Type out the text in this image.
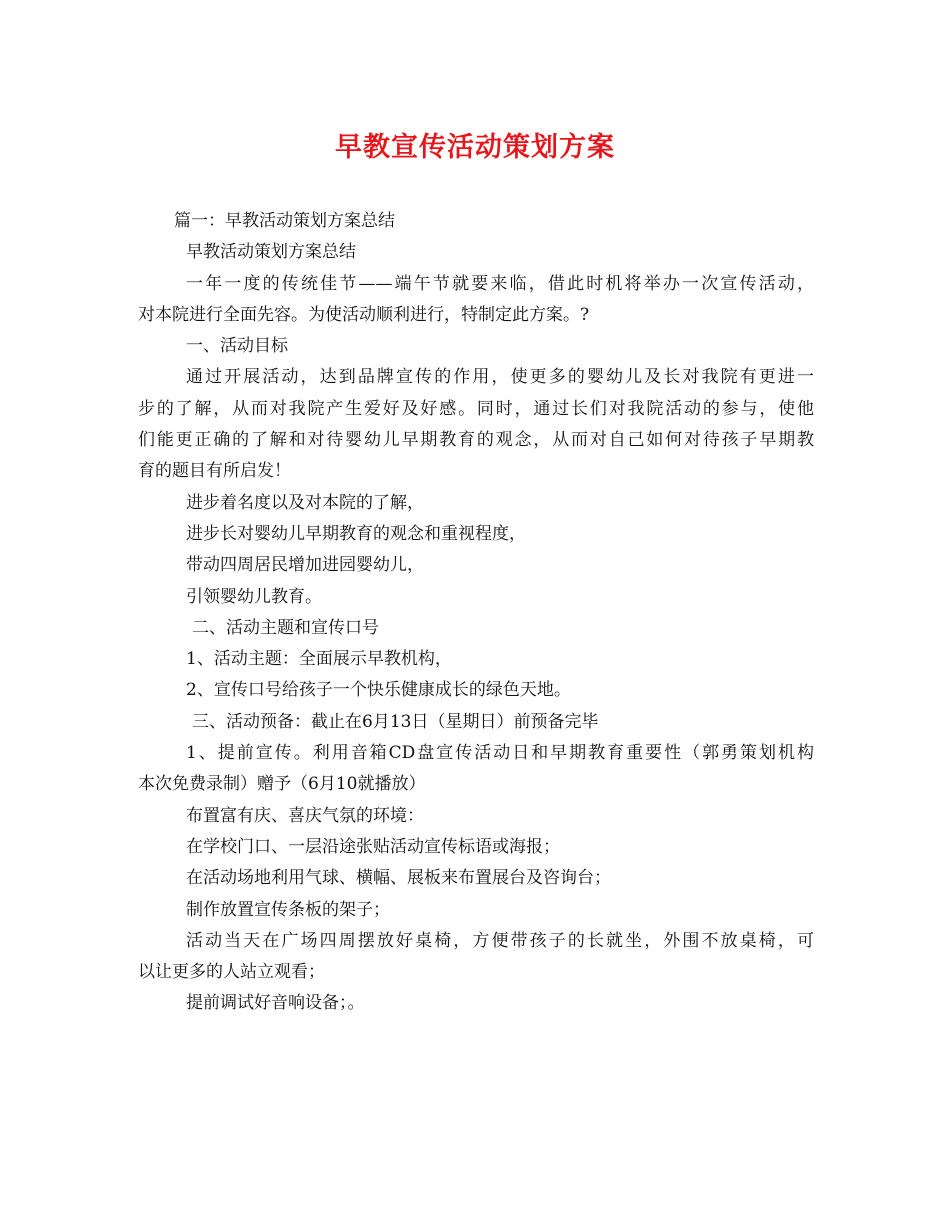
早教宣传活动策划方案
篇一：早教活动策划方案总结
早教活动策划方案总结
一年一度的传统佳节——端午节就要来临，借此时机将举办一次宣传活动，
对本院进行全面先容。为使活动顺利进行，特制定此方案。?
一、活动目标
通过开展活动，达到品牌宣传的作用，使更多的婴幼儿及长对我院有更进一
步的了解，从而对我院产生爱好及好感。同时，通过长们对我院活动的参与，使他
们能更正确的了解和对待婴幼儿早期教育的观念，从而对自己如何对待孩子早期教
育的题目有所启发！
进步着名度以及对本院的了解，
进步长对婴幼儿早期教育的观念和重视程度，
带动四周居民增加进园婴幼儿，
引领婴幼儿教育。
二、活动主题和宣传口号
1、活动主题：全面展示早教机构，
2、宣传口号给孩子一个快乐健康成长的绿色天地。
三、活动预备：截止在6月13日（星期日）前预备完毕
1、提前宣传。利用音箱CD盘宣传活动日和早期教育重要性（郭勇策划机构
本次免费录制）赠予（6月10就播放）
布置富有庆、喜庆气氛的环境：
在学校门口、一层沿途张贴活动宣传标语或海报；
在活动场地利用气球、横幅、展板来布置展台及咨询台；
制作放置宣传条板的架子；
活动当天在广场四周摆放好桌椅，方便带孩子的长就坐，外围不放桌椅，可
以让更多的人站立观看；
提前调试好音响设备；。
